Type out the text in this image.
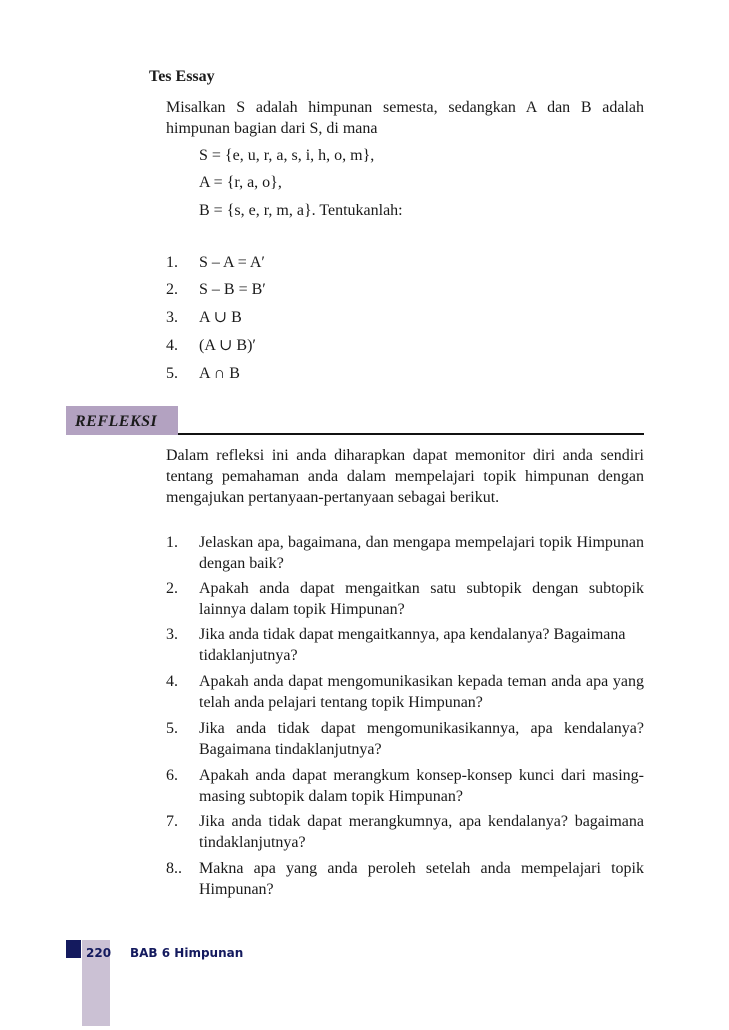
Tes Essay
Misalkan S adalah himpunan semesta, sedangkan A dan B adalah himpunan bagian dari S, di mana
S = {e, u, r, a, s, i, h, o, m},
A = {r, a, o},
B = {s, e, r, m, a}. Tentukanlah:
1. S – A = A′
2. S – B = B′
3. A ∪ B
4. (A ∪ B)′
5. A ∩ B
REFLEKSI
Dalam refleksi ini anda diharapkan dapat memonitor diri anda sendiri tentang pemahaman anda dalam mempelajari topik himpunan dengan mengajukan pertanyaan-pertanyaan sebagai berikut.
1. Jelaskan apa, bagaimana, dan mengapa mempelajari topik Himpunan dengan baik?
2. Apakah anda dapat mengaitkan satu subtopik dengan subtopik lainnya dalam topik Himpunan?
3. Jika anda tidak dapat mengaitkannya, apa kendalanya? Bagaimana tidaklanjutnya?
4. Apakah anda dapat mengomunikasikan kepada teman anda apa yang telah anda pelajari tentang topik Himpunan?
5. Jika anda tidak dapat mengomunikasikannya, apa kendalanya? Bagaimana tindaklanjutnya?
6. Apakah anda dapat merangkum konsep-konsep kunci dari masing-masing subtopik dalam topik Himpunan?
7. Jika anda tidak dapat merangkumnya, apa kendalanya? bagaimana tindaklanjutnya?
8.. Makna apa yang anda peroleh setelah anda mempelajari topik Himpunan?
220 BAB 6 Himpunan
